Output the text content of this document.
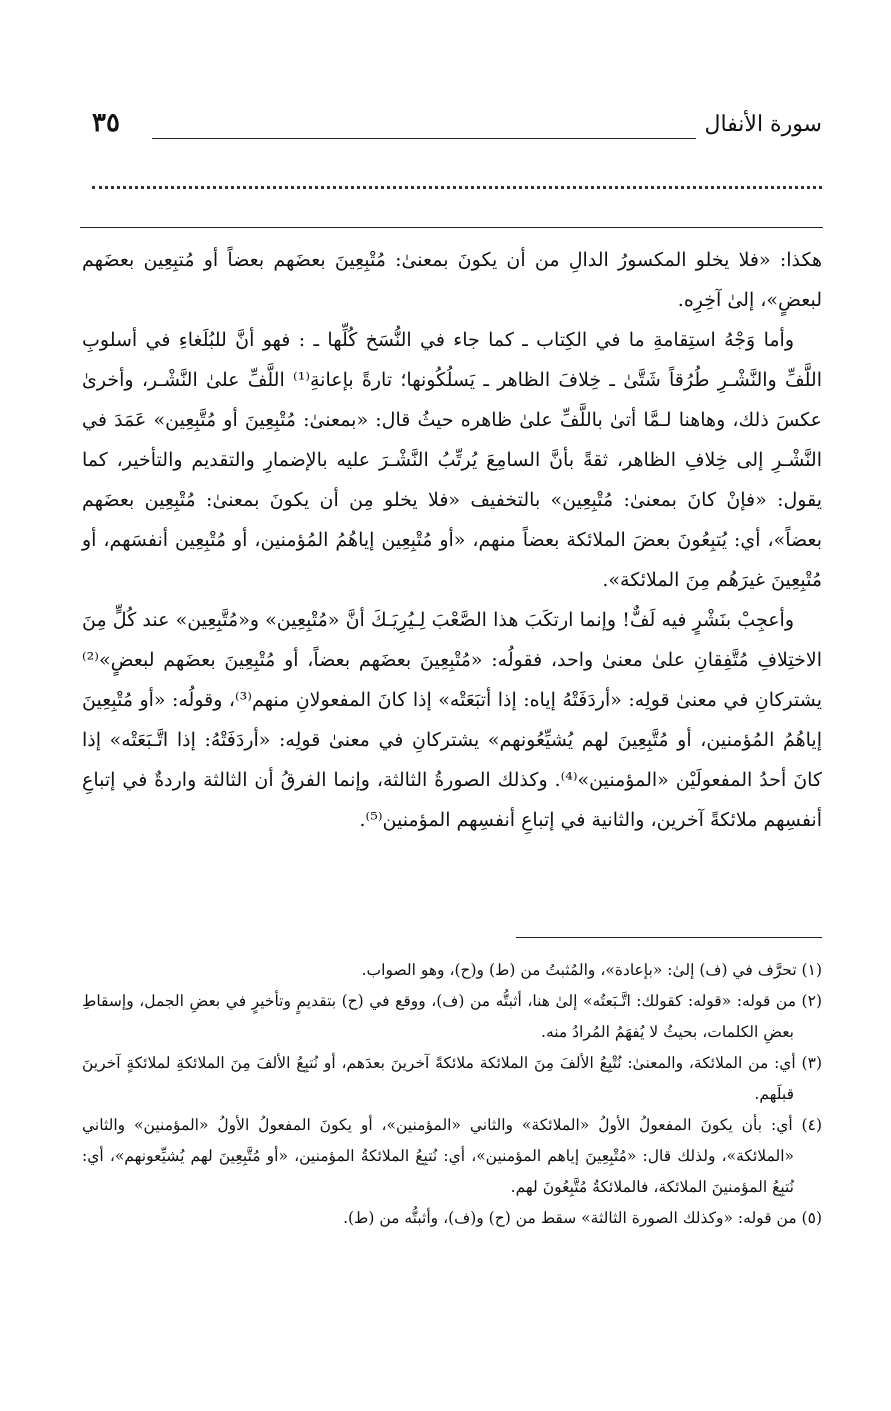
سورة الأنفال
٣٥

هكذا: «فلا يخلو المكسورُ الدالِ من أن يكونَ بمعنىٰ: مُتْبِعِينَ بعضَهم بعضاً أو مُتبِعِين بعضَهم لبعضٍ»، إلىٰ آخِرِه.

وأما وَجْهُ استِقامةِ ما في الكِتاب ـ كما جاء في النُّسَخ كُلِّها ـ : فهو أنَّ للبُلَغاءِ في أسلوبِ اللَّفِّ والنَّشْـرِ طُرُقاً شَتَّىٰ ـ خِلافَ الظاهر ـ يَسلُكُونها؛ تارةً بإعانةِ⁽¹⁾ اللَّفِّ علىٰ النَّشْـر، وأخرىٰ عكسَ ذلك، وهاهنا لـمَّا أتىٰ باللَّفِّ علىٰ ظاهره حيثُ قال: «بمعنىٰ: مُتْبِعِينَ أو مُتَّبِعِين» عَمَدَ في النَّشْـرِ إلى خِلافِ الظاهر، ثقةً بأنَّ السامِعَ يُرتِّبُ النَّشْـرَ عليه بالإضمارِ والتقديم والتأخير، كما يقول: «فإنْ كانَ بمعنىٰ: مُتْبِعِين» بالتخفيف «فلا يخلو مِن أن يكونَ بمعنىٰ: مُتْبِعِين بعضَهم بعضاً»، أي: يُتبِعُونَ بعضَ الملائكة بعضاً منهم، «أو مُتْبِعِين إياهُمُ المُؤمنين، أو مُتْبِعِين أنفسَهم، أو مُتْبِعِينَ غيرَهُم مِنَ الملائكة».

وأعجِبْ بنَشْرٍ فيه لَفٌّ! وإنما ارتكَبَ هذا الصَّعْبَ لِـيُرِيَـكَ أنَّ «مُتْبِعِين» و«مُتَّبِعِين» عند كُلٍّ مِنَ الاختِلافِ مُتَّفِقانِ علىٰ معنىٰ واحد، فقولُه: «مُتْبِعِينَ بعضَهم بعضاً، أو مُتْبِعِينَ بعضَهم لبعضٍ»⁽²⁾ يشتركانِ في معنىٰ قولِه: «أردَفَتْهُ إياه: إذا أتبَعَتْه» إذا كانَ المفعولانِ منهم⁽³⁾، وقولُه: «أو مُتْبِعِينَ إياهُمُ المُؤمنين، أو مُتَّبِعِينَ لهم يُشيِّعُونهم» يشتركانِ في معنىٰ قولِه: «أردَفَتْهُ: إذا اتَّـبَعَتْه» إذا كانَ أحدُ المفعولَيْن «المؤمنين»⁽⁴⁾. وكذلك الصورةُ الثالثة، وإنما الفرقُ أن الثالثة واردةٌ في إتباعِ أنفسِهم ملائكةً آخرين، والثانية في إتباعِ أنفسِهم المؤمنين⁽⁵⁾.

(١) تحرَّف في (ف) إلىٰ: «بإعادة»، والمُثبتُ من (ط) و(ح)، وهو الصواب.

(٢) من قوله: «قوله: كقولك: اتَّـبَعتُه» إلىٰ هنا، أثبتُّه من (ف)، ووقع في (ح) بتقديمٍ وتأخيرٍ في بعضِ الجمل، وإسقاطِ بعضِ الكلمات، بحيثُ لا يُفهَمُ المُرادُ منه.

(٣) أي: من الملائكة، والمعنىٰ: نُتْبِعُ الألفَ مِنَ الملائكة ملائكةً آخرينَ بعدَهم، أو نُتبِعُ الألفَ مِنَ الملائكةِ لملائكةٍ آخرينَ قبلَهم.

(٤) أي: بأن يكونَ المفعولُ الأولُ «الملائكة» والثاني «المؤمنين»، أو يكونَ المفعولُ الأولُ «المؤمنين» والثاني «الملائكة»، ولذلك قال: «مُتْبِعِينَ إياهم المؤمنين»، أي: نُتبِعُ الملائكةُ المؤمنين، «أو مُتَّبِعِينَ لهم يُشيِّعونهم»، أي: نُتبِعُ المؤمنينَ الملائكة، فالملائكةُ مُتَّبِعُونَ لهم.

(٥) من قوله: «وكذلك الصورة الثالثة» سقط من (ح) و(ف)، وأثبتُّه من (ط).
